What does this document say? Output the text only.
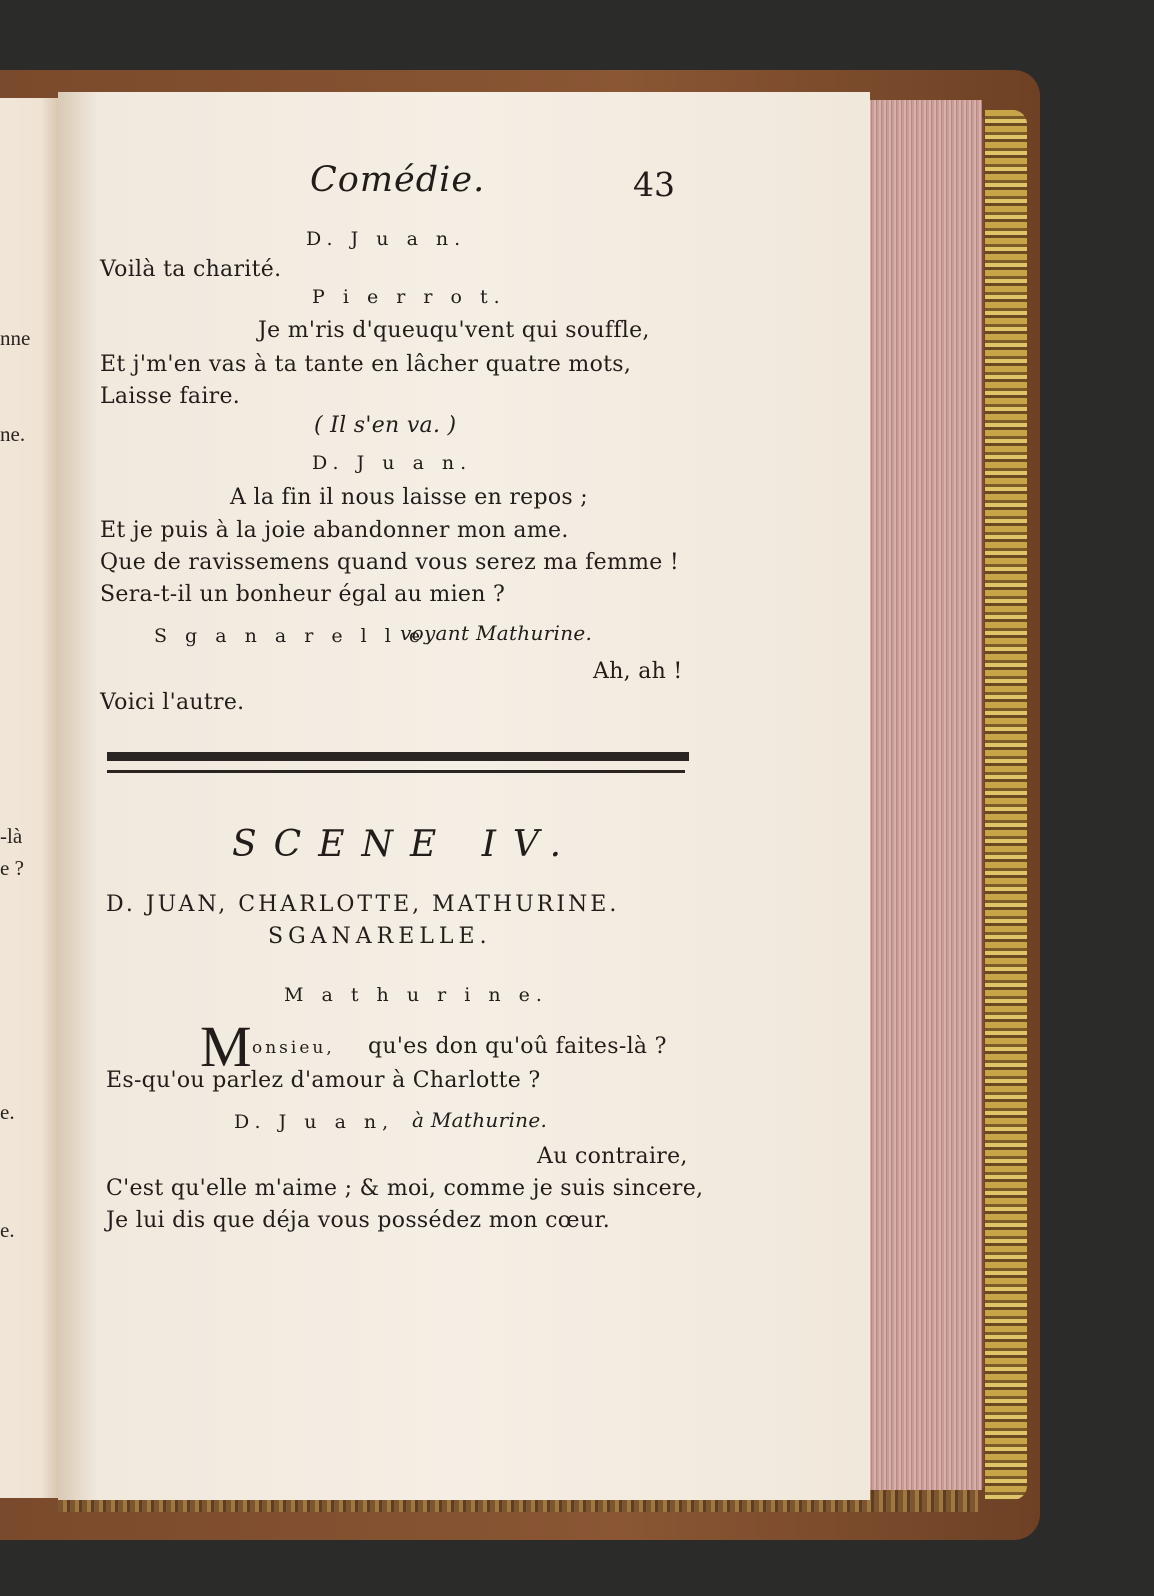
nne
ne.
-là
e ?
e.
e.
Comédie.	43
D. J u a n.
Voilà ta charité.
P i e r r o t.
Je m'ris d'queuqu'vent qui souffle,
Et j'm'en vas à ta tante en lâcher quatre mots,
Laisse faire.
( Il s'en va. )
D. J u a n.
A la fin il nous laisse en repos ;
Et je puis à la joie abandonner mon ame.
Que de ravissemens quand vous serez ma femme !
Sera-t-il un bonheur égal au mien ?
S g a n a r e l l e,
voyant Mathurine.
Ah, ah !
Voici l'autre.
SCENE IV.
D. JUAN, CHARLOTTE, MATHURINE.
SGANARELLE.
M a t h u r i n e.
M onsieu, qu'es don qu'oû faites-là ?
Es-qu'ou parlez d'amour à Charlotte ?
D. J u a n, à Mathurine.
Au contraire,
C'est qu'elle m'aime ; & moi, comme je suis sincere,
Je lui dis que déja vous possédez mon cœur.
